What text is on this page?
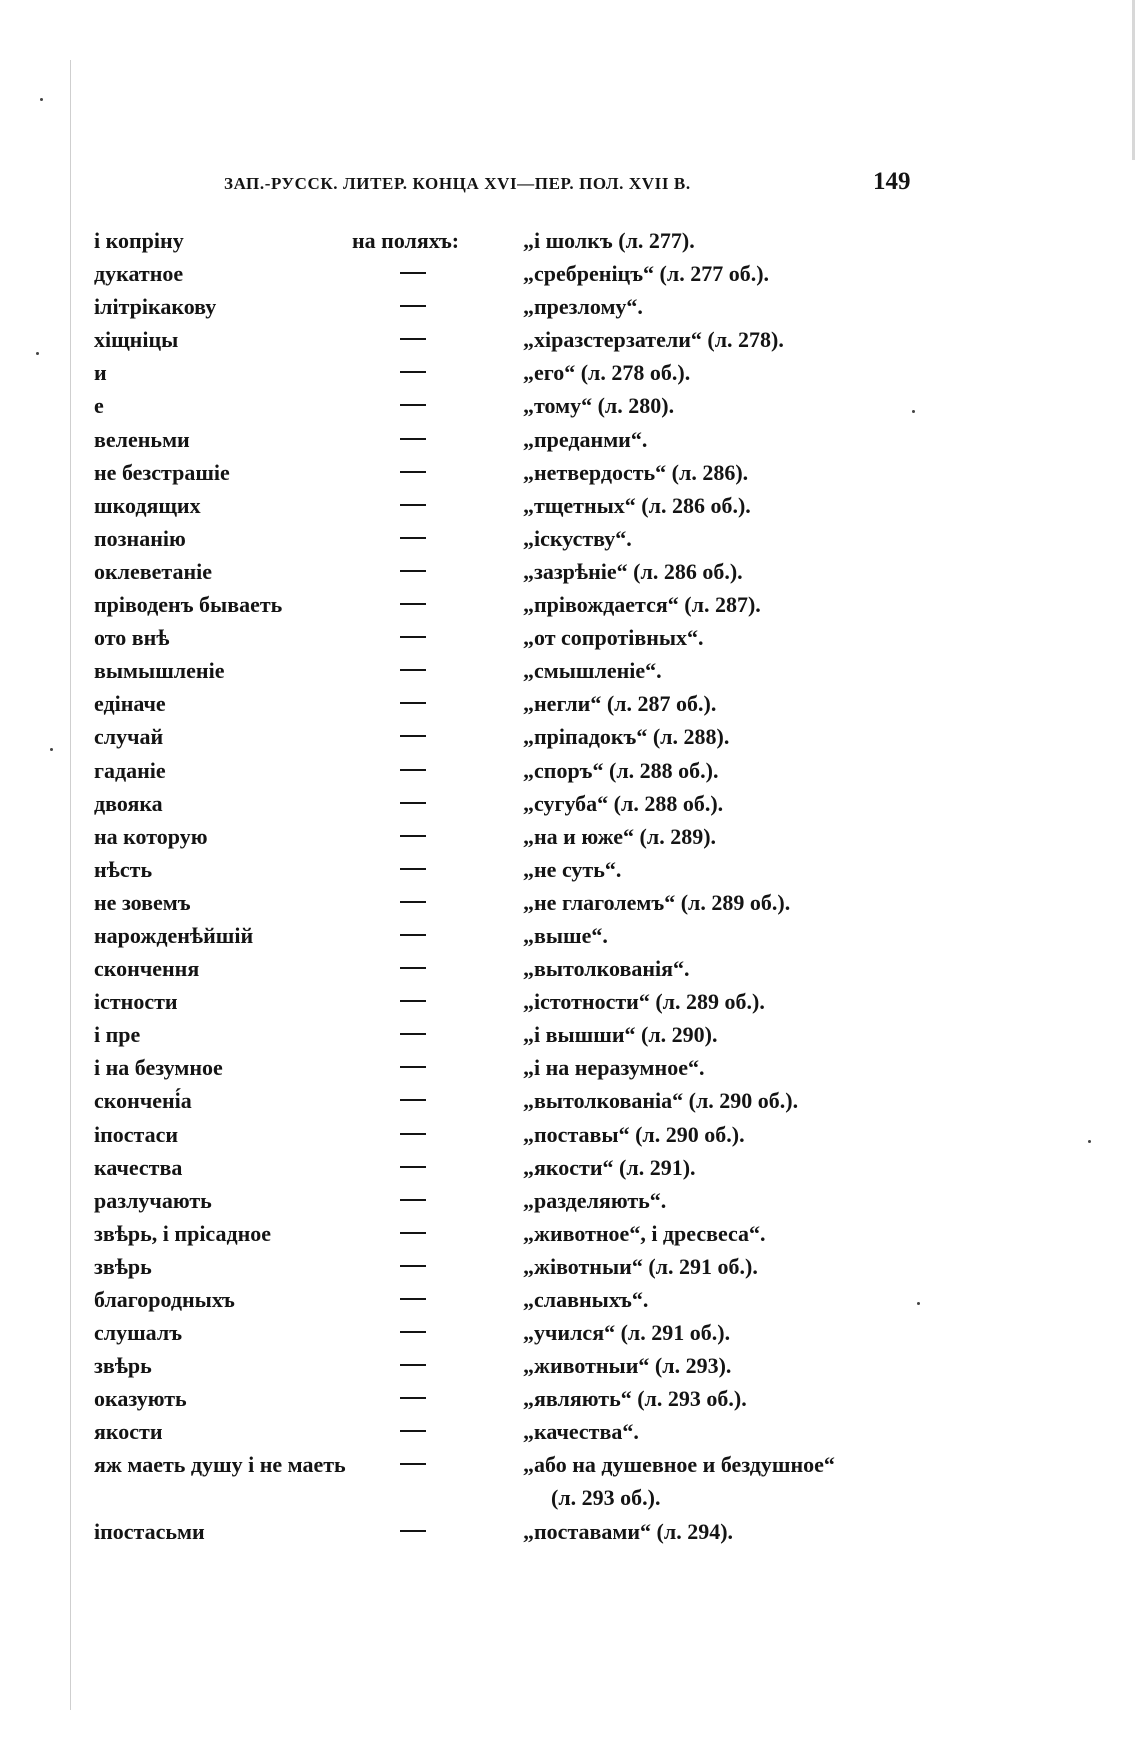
ЗАП.-РУССК. ЛИТЕР. КОНЦА XVI—ПЕР. ПОЛ. XVII В.	149
і копріну	на поляхъ:	„і шолкъ (л. 277).
дукатное	„сребреніцъ“ (л. 277 об.).
ілітрікакову	„презлому“.
хіщніцы	„хіразстерзатели“ (л. 278).
и	„его“ (л. 278 об.).
е	„тому“ (л. 280).
веленьми	„преданми“.
не безстрашіе	„нетвердость“ (л. 286).
шкодящих	„тщетных“ (л. 286 об.).
познанію	„іскуству“.
оклеветаніе	„зазрѣніе“ (л. 286 об.).
пріводенъ бываеть	„прівождается“ (л. 287).
ото внѣ	„от сопротівных“.
вымышленіе	„смышленіе“.
едіначе	„негли“ (л. 287 об.).
случай	„пріпадокъ“ (л. 288).
гаданіе	„споръ“ (л. 288 об.).
двояка	„сугуба“ (л. 288 об.).
на которую	„на и юже“ (л. 289).
нѣсть	„не суть“.
не зовемъ	„не глаголемъ“ (л. 289 об.).
нарожденѣйшій	„выше“.
скончення	„вытолкованія“.
істности	„істотности“ (л. 289 об.).
і пре	„і вышши“ (л. 290).
і на безумное	„і на неразумное“.
скончені́а	„вытолкованіа“ (л. 290 об.).
іпостаси	„поставы“ (л. 290 об.).
качества	„якости“ (л. 291).
разлучають	„разделяють“.
звѣрь, і прісадное	„животное“, і дресвеса“.
звѣрь	„жівотныи“ (л. 291 об.).
благородныхъ	„славныхъ“.
слушалъ	„учился“ (л. 291 об.).
звѣрь	„животныи“ (л. 293).
оказують	„являють“ (л. 293 об.).
якости	„качества“.
яж маеть душу і не маеть	„або на душевное и бездушное“
(л. 293 об.).
іпостасьми	„поставами“ (л. 294).
